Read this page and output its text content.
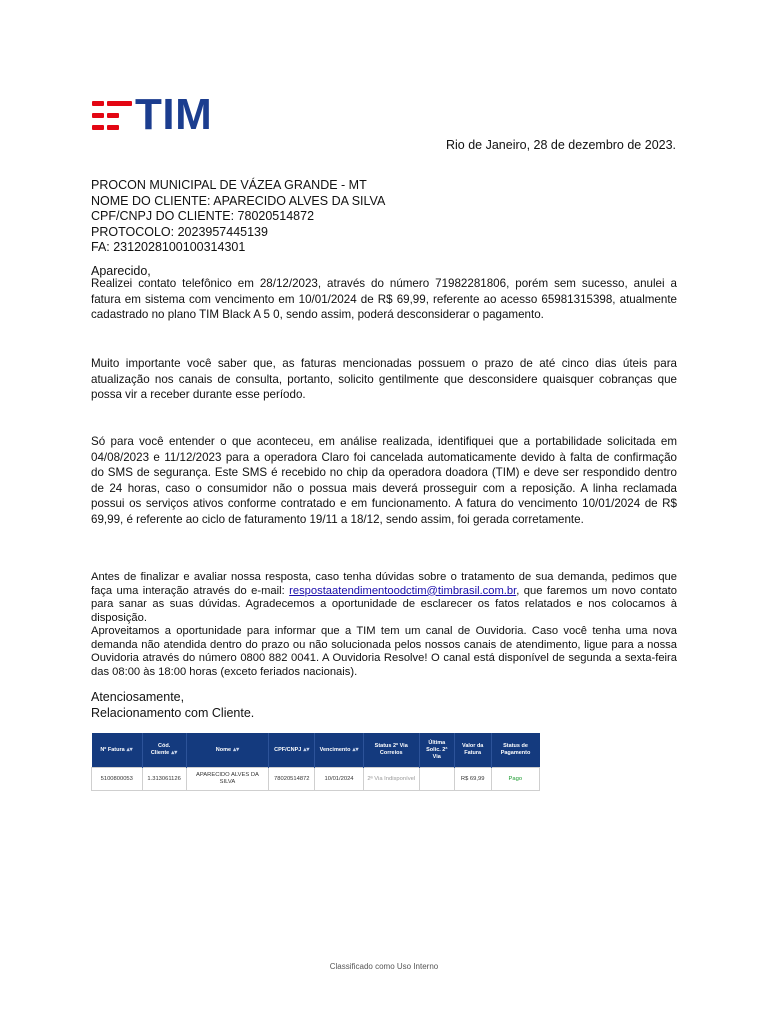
TIM
Rio de Janeiro, 28 de dezembro de 2023.
PROCON MUNICIPAL DE VÁZEA GRANDE - MT
NOME DO CLIENTE: APARECIDO ALVES DA SILVA
CPF/CNPJ DO CLIENTE: 78020514872
PROTOCOLO: 2023957445139
FA: 2312028100100314301
Aparecido,
Realizei contato telefônico em 28/12/2023, através do número 71982281806, porém sem sucesso, anulei a
fatura em sistema com vencimento em 10/01/2024 de R$ 69,99, referente ao acesso 65981315398, atualmente
cadastrado no plano TIM Black A 5 0, sendo assim, poderá desconsiderar o pagamento.
Muito importante você saber que, as faturas mencionadas possuem o prazo de até cinco dias úteis para
atualização nos canais de consulta, portanto, solicito gentilmente que desconsidere quaisquer cobranças que
possa vir a receber durante esse período.
Só para você entender o que aconteceu, em análise realizada, identifiquei que a portabilidade solicitada em
04/08/2023 e 11/12/2023 para a operadora Claro foi cancelada automaticamente devido à falta de confirmação
do SMS de segurança. Este SMS é recebido no chip da operadora doadora (TIM) e deve ser respondido dentro
de 24 horas, caso o consumidor não o possua mais deverá prosseguir com a reposição. A linha reclamada
possui os serviços ativos conforme contratado e em funcionamento. A fatura do vencimento 10/01/2024 de R$
69,99, é referente ao ciclo de faturamento 19/11 a 18/12, sendo assim, foi gerada corretamente.
Antes de finalizar e avaliar nossa resposta, caso tenha dúvidas sobre o tratamento de sua demanda, pedimos que
faça uma interação através do e-mail: respostaatendimentoodctim@timbrasil.com.br, que faremos um novo contato
para sanar as suas dúvidas. Agradecemos a oportunidade de esclarecer os fatos relatados e nos colocamos à
disposição.
Aproveitamos a oportunidade para informar que a TIM tem um canal de Ouvidoria. Caso você tenha uma nova
demanda não atendida dentro do prazo ou não solucionada pelos nossos canais de atendimento, ligue para a nossa
Ouvidoria através do número 0800 882 0041. A Ouvidoria Resolve! O canal está disponível de segunda a sexta-feira
das 08:00 às 18:00 horas (exceto feriados nacionais).
Atenciosamente,
Relacionamento com Cliente.
Nº Fatura ▴▾	Cód. Cliente ▴▾	Nome ▴▾	CPF/CNPJ ▴▾	Vencimento ▴▾	Status 2ª Via Correios	Última Solic. 2ª Via	Valor da Fatura	Status de Pagamento
5100800053	1.313061126	APARECIDO ALVES DA SILVA	78020514872	10/01/2024	2ª Via Indisponível		R$ 69,99	Pago
Classificado como Uso Interno
